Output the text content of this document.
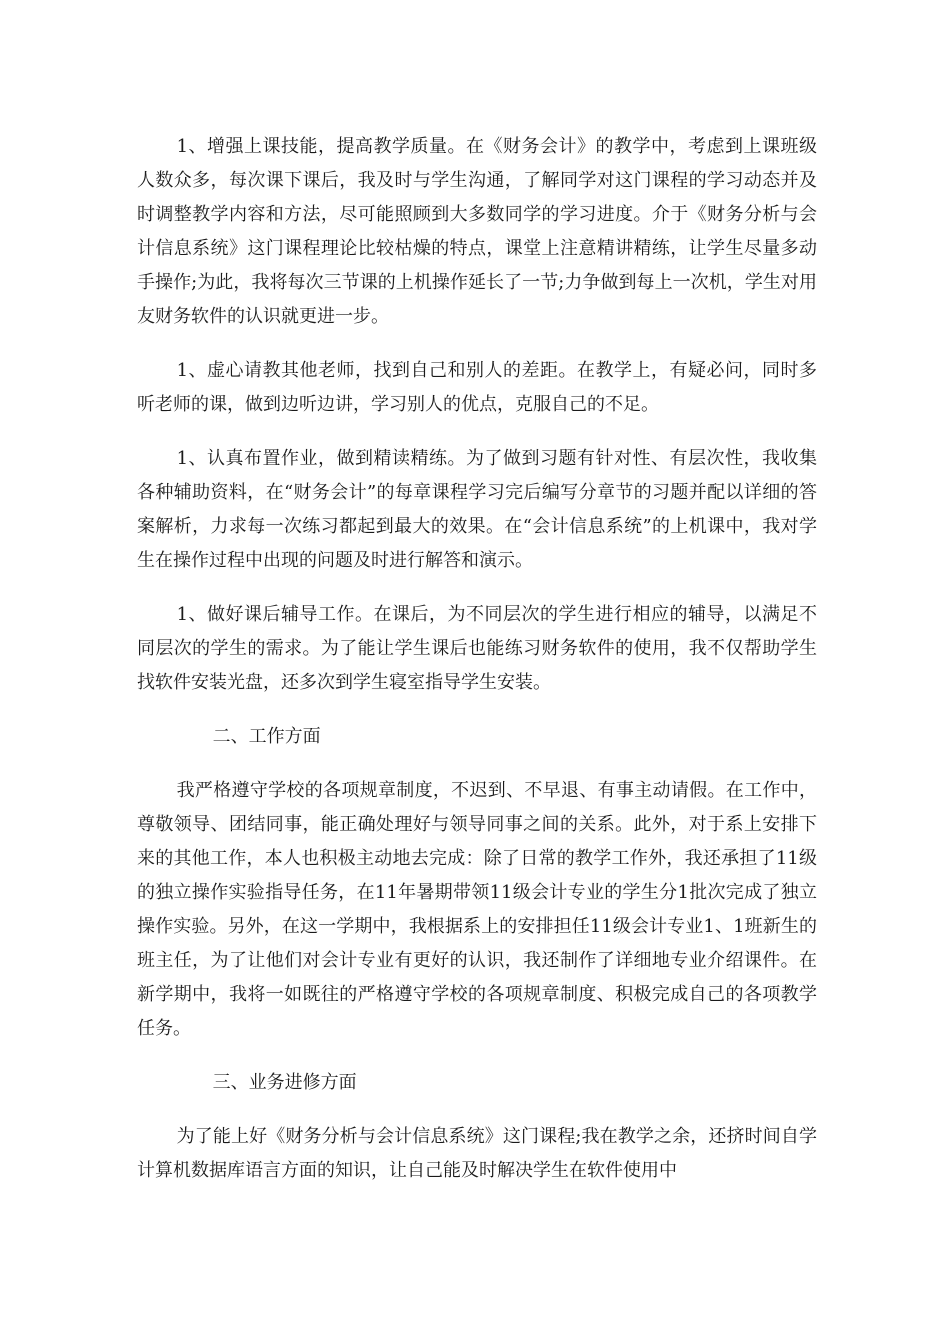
1、增强上课技能，提高教学质量。在《财务会计》的教学中，考虑到上课班级人数众多，每次课下课后，我及时与学生沟通，了解同学对这门课程的学习动态并及时调整教学内容和方法，尽可能照顾到大多数同学的学习进度。介于《财务分析与会计信息系统》这门课程理论比较枯燥的特点，课堂上注意精讲精练，让学生尽量多动手操作;为此，我将每次三节课的上机操作延长了一节;力争做到每上一次机，学生对用友财务软件的认识就更进一步。

1、虚心请教其他老师，找到自己和别人的差距。在教学上，有疑必问，同时多听老师的课，做到边听边讲，学习别人的优点，克服自己的不足。

1、认真布置作业，做到精读精练。为了做到习题有针对性、有层次性，我收集各种辅助资料，在“财务会计”的每章课程学习完后编写分章节的习题并配以详细的答案解析，力求每一次练习都起到最大的效果。在“会计信息系统”的上机课中，我对学生在操作过程中出现的问题及时进行解答和演示。

1、做好课后辅导工作。在课后，为不同层次的学生进行相应的辅导，以满足不同层次的学生的需求。为了能让学生课后也能练习财务软件的使用，我不仅帮助学生找软件安装光盘，还多次到学生寝室指导学生安装。

二、工作方面

我严格遵守学校的各项规章制度，不迟到、不早退、有事主动请假。在工作中，尊敬领导、团结同事，能正确处理好与领导同事之间的关系。此外，对于系上安排下来的其他工作，本人也积极主动地去完成：除了日常的教学工作外，我还承担了11级的独立操作实验指导任务，在11年暑期带领11级会计专业的学生分1批次完成了独立操作实验。另外，在这一学期中，我根据系上的安排担任11级会计专业1、1班新生的班主任，为了让他们对会计专业有更好的认识，我还制作了详细地专业介绍课件。在新学期中，我将一如既往的严格遵守学校的各项规章制度、积极完成自己的各项教学任务。

三、业务进修方面

为了能上好《财务分析与会计信息系统》这门课程;我在教学之余，还挤时间自学计算机数据库语言方面的知识，让自己能及时解决学生在软件使用中
